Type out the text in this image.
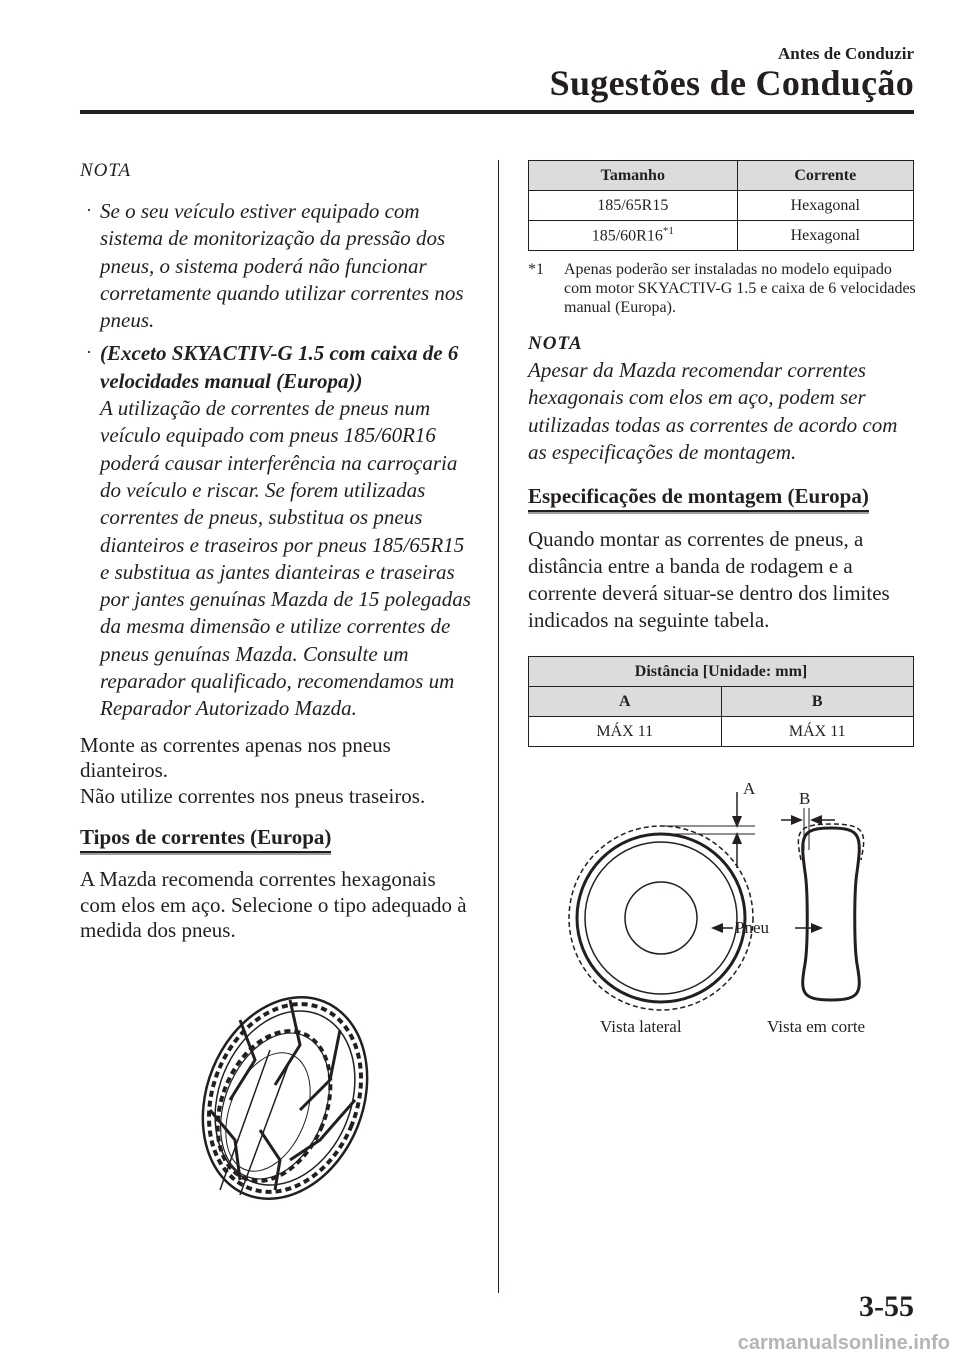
Antes de Conduzir
Sugestões de Condução
NOTA
· Se o seu veículo estiver equipado com sistema de monitorização da pressão dos pneus, o sistema poderá não funcionar corretamente quando utilizar correntes nos pneus.
· (Exceto SKYACTIV-G 1.5 com caixa de 6 velocidades manual (Europa))
A utilização de correntes de pneus num veículo equipado com pneus 185/60R16 poderá causar interferência na carroçaria do veículo e riscar. Se forem utilizadas correntes de pneus, substitua os pneus dianteiros e traseiros por pneus 185/65R15 e substitua as jantes dianteiras e traseiras por jantes genuínas Mazda de 15 polegadas da mesma dimensão e utilize correntes de pneus genuínas Mazda. Consulte um reparador qualificado, recomendamos um Reparador Autorizado Mazda.

Monte as correntes apenas nos pneus dianteiros.

Não utilize correntes nos pneus traseiros.

Tipos de correntes (Europa)

A Mazda recomenda correntes hexagonais com elos em aço. Selecione o tipo adequado à medida dos pneus.

Tamanho	Corrente
185/65R15	Hexagonal
185/60R16$^{*1}$	Hexagonal
*1 Apenas poderão ser instaladas no modelo equipado com motor SKYACTIV-G 1.5 e caixa de 6 velocidades manual (Europa).
NOTA

Apesar da Mazda recomendar correntes hexagonais com elos em aço, podem ser utilizadas todas as correntes de acordo com as especificações de montagem.

Especificações de montagem (Europa)

Quando montar as correntes de pneus, a distância entre a banda de rodagem e a corrente deverá situar-se dentro dos limites indicados na seguinte tabela.

Distância [Unidade: mm]	
A	B
MÁX 11	MÁX 11
A
B
Pneu
Vista lateral	Vista em corte
3-55
carmanualsonline.info
